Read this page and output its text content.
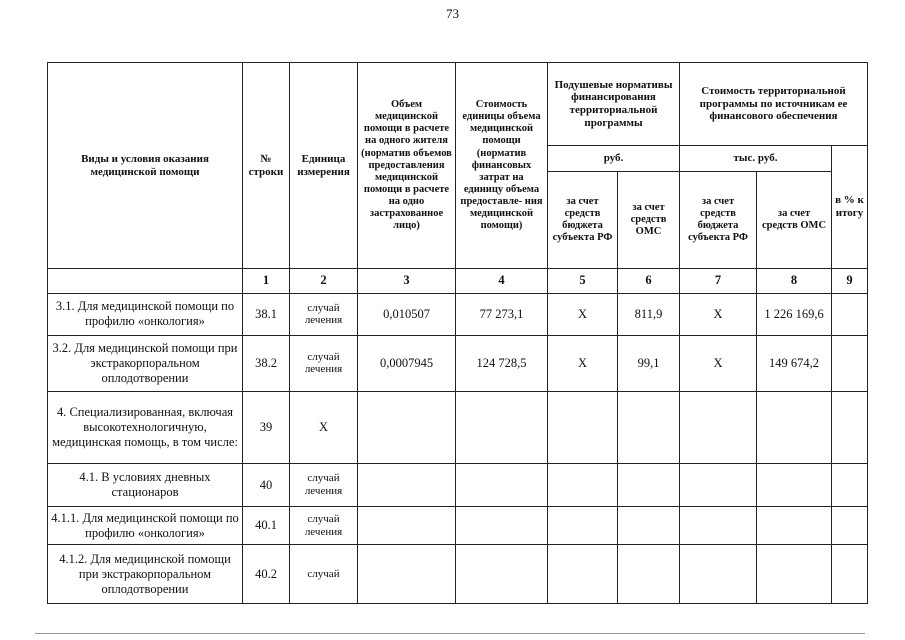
73
Виды и условия оказания медицинской помощи	№ строки	Единица измерения	Объем медицинской помощи в расчете на одного жителя (норматив объемов предоставления медицинской помощи в расчете на одно застрахованное лицо)	Стоимость единицы объема медицинской помощи (норматив финансовых затрат на единицу объема предоставле- ния медицинской помощи)	Подушевые нормативы финансирования территориальной программы		Стоимость территориальной программы по источникам ее финансового обеспечения		
					руб.		тыс. руб.		в % к итогу
					за счет средств бюджета субъекта РФ	за счет средств ОМС	за счет средств бюджета субъекта РФ	за счет средств ОМС	
	1	2	3	4	5	6	7	8	9
3.1. Для медицинской помощи по профилю «онкология»	38.1	случай лечения	0,010507	77 273,1	Х	811,9	Х	1 226 169,6	
3.2. Для медицинской помощи при экстракорпоральном оплодотворении	38.2	случай лечения	0,0007945	124 728,5	Х	99,1	Х	149 674,2	
4. Специализированная, включая высокотехнологичную, медицинская помощь, в том числе:	39	Х							
4.1. В условиях дневных стационаров	40	случай лечения							
4.1.1. Для медицинской помощи по профилю «онкология»	40.1	случай лечения							
4.1.2. Для медицинской помощи при экстракорпоральном оплодотворении	40.2	случай							
